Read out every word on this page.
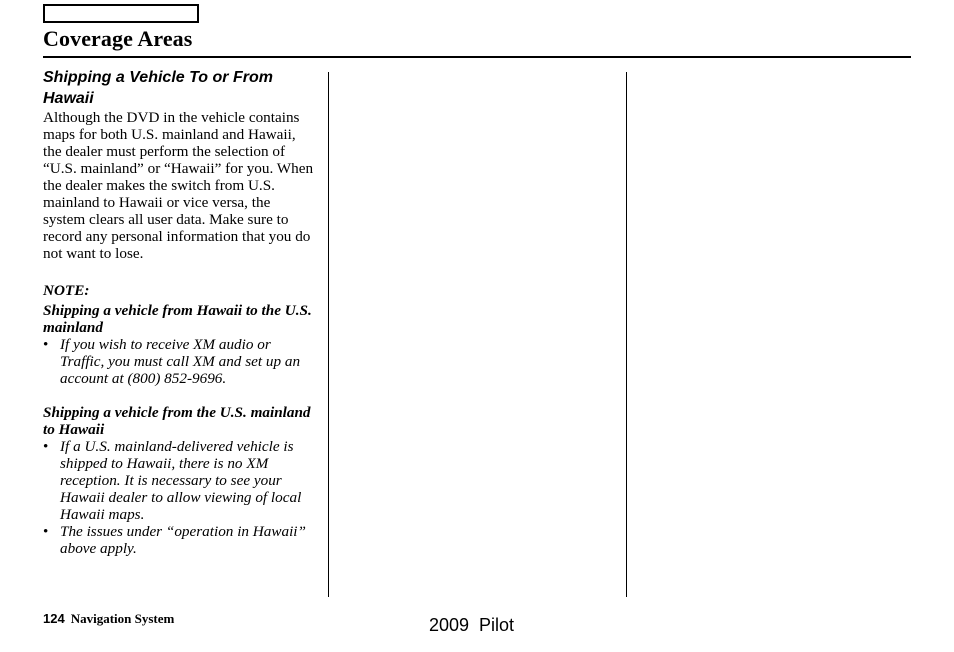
Coverage Areas

Shipping a Vehicle To or From Hawaii

Although the DVD in the vehicle contains maps for both U.S. mainland and Hawaii, the dealer must perform the selection of “U.S. mainland” or “Hawaii” for you. When the dealer makes the switch from U.S. mainland to Hawaii or vice versa, the system clears all user data. Make sure to record any personal information that you do not want to lose.

NOTE:

Shipping a vehicle from Hawaii to the U.S. mainland

• If you wish to receive XM audio or Traffic, you must call XM and set up an account at (800) 852-9696.

Shipping a vehicle from the U.S. mainland to Hawaii

• If a U.S. mainland-delivered vehicle is shipped to Hawaii, there is no XM reception. It is necessary to see your Hawaii dealer to allow viewing of local Hawaii maps.
• The issues under “operation in Hawaii” above apply.
124 Navigation System	2009  Pilot
